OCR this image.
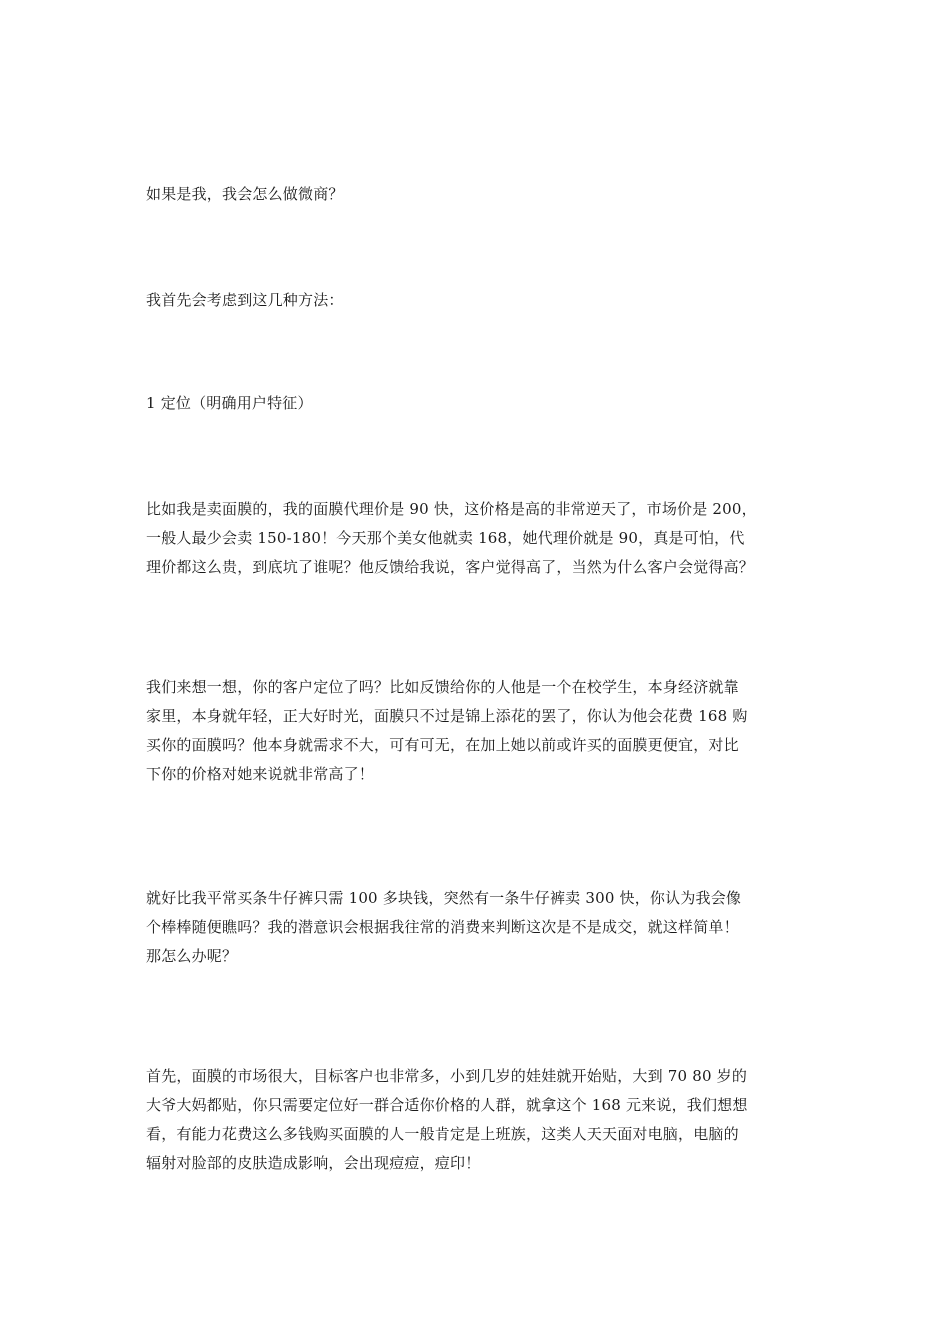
如果是我，我会怎么做微商？

我首先会考虑到这几种方法：

1 定位（明确用户特征）

比如我是卖面膜的，我的面膜代理价是 90 快，这价格是高的非常逆天了，市场价是 200，
一般人最少会卖 150-180！今天那个美女他就卖 168，她代理价就是 90，真是可怕，代
理价都这么贵，到底坑了谁呢？他反馈给我说，客户觉得高了，当然为什么客户会觉得高？

我们来想一想，你的客户定位了吗？比如反馈给你的人他是一个在校学生，本身经济就靠
家里，本身就年轻，正大好时光，面膜只不过是锦上添花的罢了，你认为他会花费 168 购
买你的面膜吗？他本身就需求不大，可有可无，在加上她以前或许买的面膜更便宜，对比
下你的价格对她来说就非常高了！

就好比我平常买条牛仔裤只需 100 多块钱，突然有一条牛仔裤卖 300 快，你认为我会像
个棒棒随便瞧吗？我的潜意识会根据我往常的消费来判断这次是不是成交，就这样简单！
那怎么办呢？

首先，面膜的市场很大，目标客户也非常多，小到几岁的娃娃就开始贴，大到 70 80 岁的
大爷大妈都贴，你只需要定位好一群合适你价格的人群，就拿这个 168 元来说，我们想想
看，有能力花费这么多钱购买面膜的人一般肯定是上班族，这类人天天面对电脑，电脑的
辐射对脸部的皮肤造成影响，会出现痘痘，痘印！
